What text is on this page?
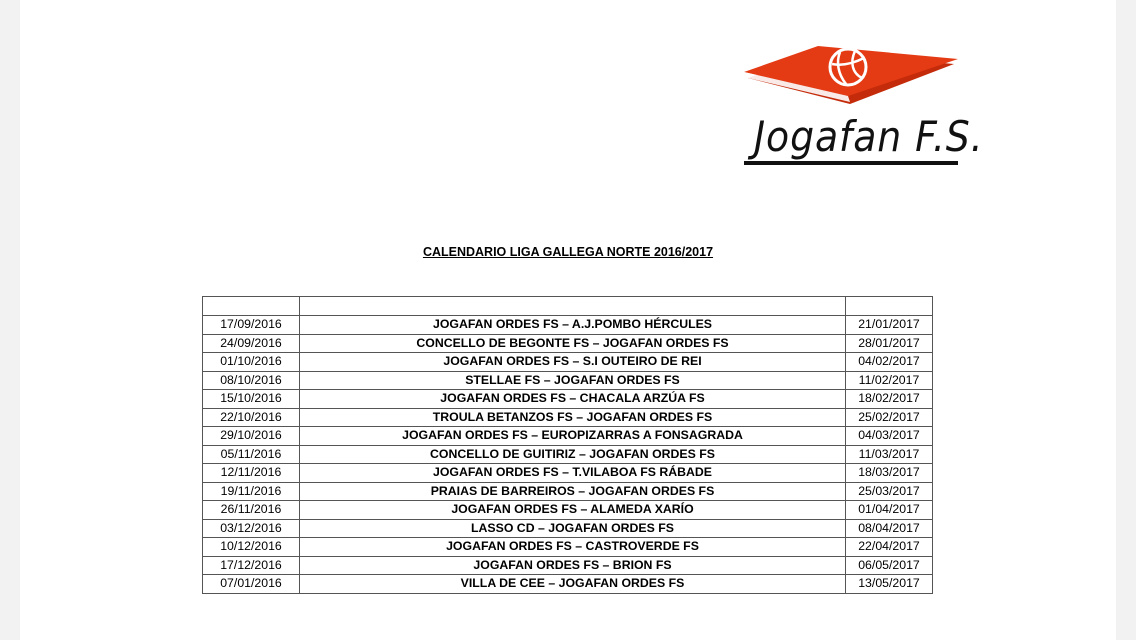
Jogafan F.S.
CALENDARIO LIGA GALLEGA NORTE 2016/2017

17/09/2016	JOGAFAN ORDES FS – A.J.POMBO HÉRCULES	21/01/2017
24/09/2016	CONCELLO DE BEGONTE FS – JOGAFAN ORDES FS	28/01/2017
01/10/2016	JOGAFAN ORDES FS – S.I OUTEIRO DE REI	04/02/2017
08/10/2016	STELLAE FS – JOGAFAN ORDES FS	11/02/2017
15/10/2016	JOGAFAN ORDES FS – CHACALA ARZÚA FS	18/02/2017
22/10/2016	TROULA BETANZOS FS – JOGAFAN ORDES FS	25/02/2017
29/10/2016	JOGAFAN ORDES FS – EUROPIZARRAS A FONSAGRADA	04/03/2017
05/11/2016	CONCELLO DE GUITIRIZ – JOGAFAN ORDES FS	11/03/2017
12/11/2016	JOGAFAN ORDES FS – T.VILABOA FS RÁBADE	18/03/2017
19/11/2016	PRAIAS DE BARREIROS – JOGAFAN ORDES FS	25/03/2017
26/11/2016	JOGAFAN ORDES FS – ALAMEDA XARÍO	01/04/2017
03/12/2016	LASSO CD – JOGAFAN ORDES FS	08/04/2017
10/12/2016	JOGAFAN ORDES FS – CASTROVERDE FS	22/04/2017
17/12/2016	JOGAFAN ORDES FS – BRION FS	06/05/2017
07/01/2016	VILLA DE CEE – JOGAFAN ORDES FS	13/05/2017
